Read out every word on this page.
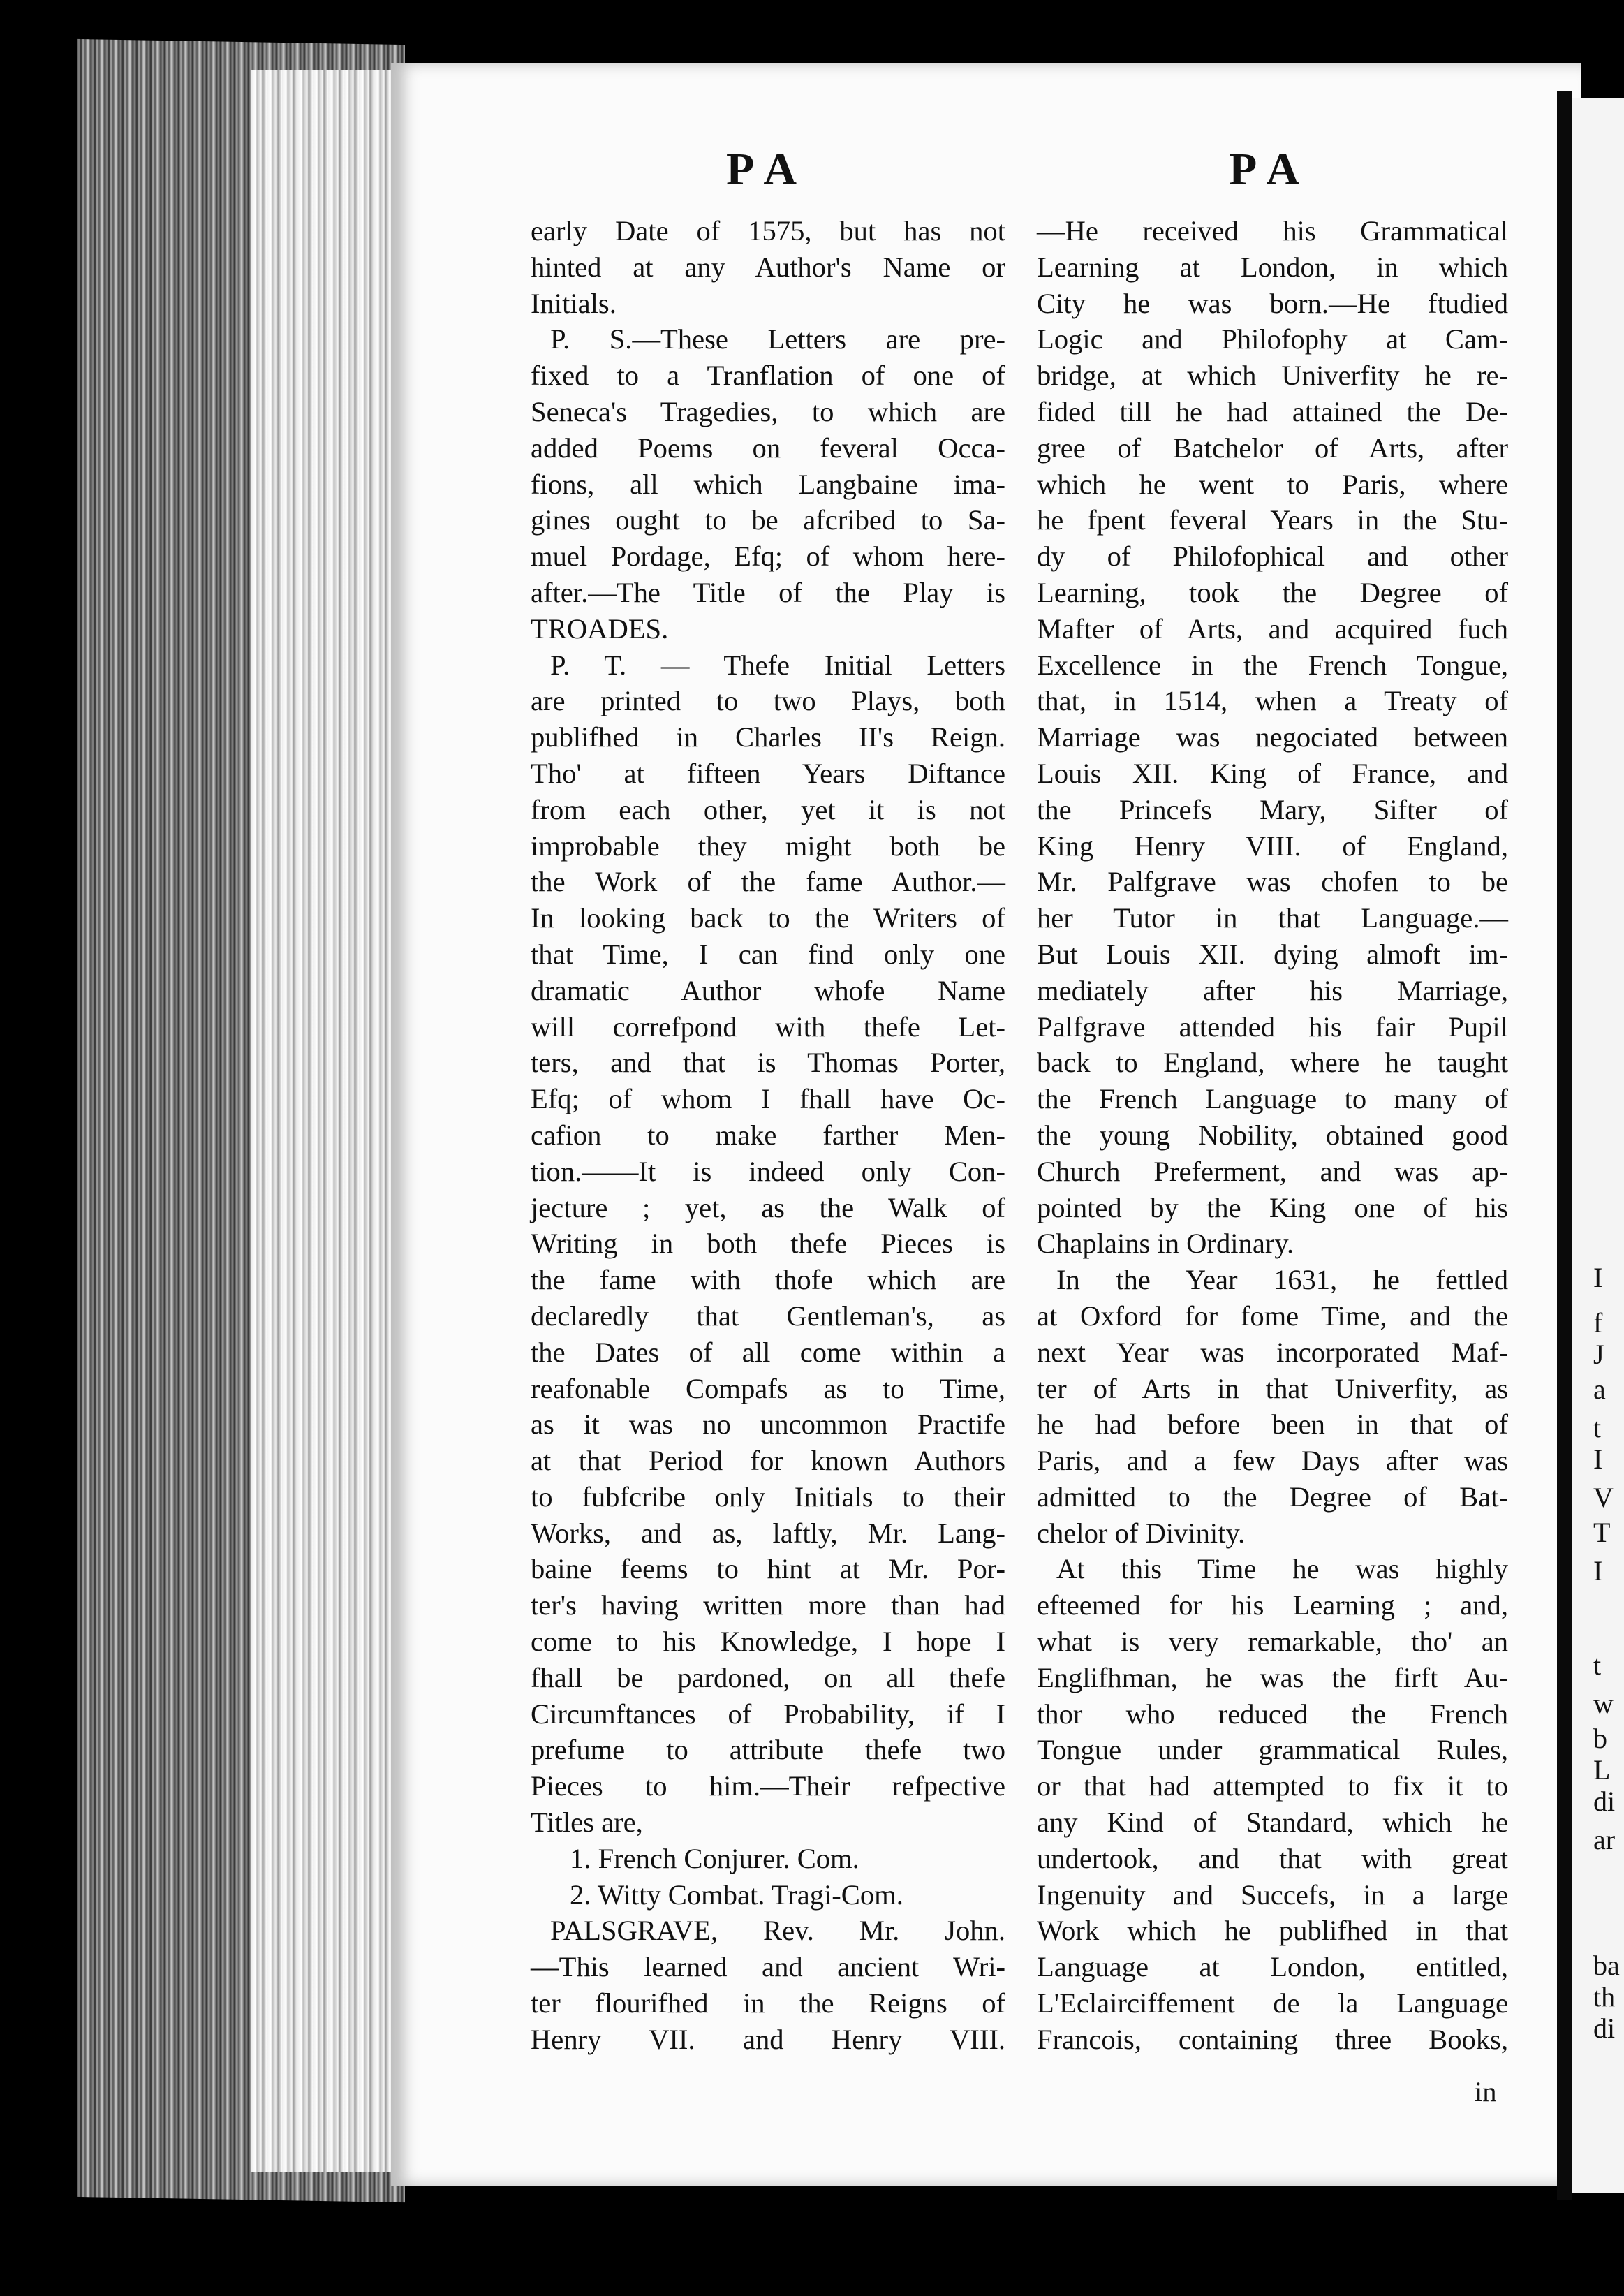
PA	PA
early Date of 1575, but has not
hinted at any Author's Name or
Initials.
P. S.—These Letters are pre-
fixed to a Tranflation of one of
Seneca's Tragedies, to which are
added Poems on feveral Occa-
fions, all which Langbaine ima-
gines ought to be afcribed to Sa-
muel Pordage, Efq; of whom here-
after.—The Title of the Play is
TROADES.
P. T. — Thefe Initial Letters
are printed to two Plays, both
publifhed in Charles II's Reign.
Tho' at fifteen Years Diftance
from each other, yet it is not
improbable they might both be
the Work of the fame Author.—
In looking back to the Writers of
that Time, I can find only one
dramatic Author whofe Name
will correfpond with thefe Let-
ters, and that is Thomas Porter,
Efq; of whom I fhall have Oc-
cafion to make farther Men-
tion.——It is indeed only Con-
jecture ; yet, as the Walk of
Writing in both thefe Pieces is
the fame with thofe which are
declaredly that Gentleman's, as
the Dates of all come within a
reafonable Compafs as to Time,
as it was no uncommon Practife
at that Period for known Authors
to fubfcribe only Initials to their
Works, and as, laftly, Mr. Lang-
baine feems to hint at Mr. Por-
ter's having written more than had
come to his Knowledge, I hope I
fhall be pardoned, on all thefe
Circumftances of Probability, if I
prefume to attribute thefe two
Pieces to him.—Their refpective
Titles are,
1. French Conjurer. Com.
2. Witty Combat. Tragi-Com.
PALSGRAVE, Rev. Mr. John.
—This learned and ancient Wri-
ter flourifhed in the Reigns of
Henry VII. and Henry VIII.
—He received his Grammatical
Learning at London, in which
City he was born.—He ftudied
Logic and Philofophy at Cam-
bridge, at which Univerfity he re-
fided till he had attained the De-
gree of Batchelor of Arts, after
which he went to Paris, where
he fpent feveral Years in the Stu-
dy of Philofophical and other
Learning, took the Degree of
Mafter of Arts, and acquired fuch
Excellence in the French Tongue,
that, in 1514, when a Treaty of
Marriage was negociated between
Louis XII. King of France, and
the Princefs Mary, Sifter of
King Henry VIII. of England,
Mr. Palfgrave was chofen to be
her Tutor in that Language.—
But Louis XII. dying almoft im-
mediately after his Marriage,
Palfgrave attended his fair Pupil
back to England, where he taught
the French Language to many of
the young Nobility, obtained good
Church Preferment, and was ap-
pointed by the King one of his
Chaplains in Ordinary.
In the Year 1631, he fettled
at Oxford for fome Time, and the
next Year was incorporated Maf-
ter of Arts in that Univerfity, as
he had before been in that of
Paris, and a few Days after was
admitted to the Degree of Bat-
chelor of Divinity.
At this Time he was highly
efteemed for his Learning ; and,
what is very remarkable, tho' an
Englifhman, he was the firft Au-
thor who reduced the French
Tongue under grammatical Rules,
or that had attempted to fix it to
any Kind of Standard, which he
undertook, and that with great
Ingenuity and Succefs, in a large
Work which he publifhed in that
Language at London, entitled,
L'Eclairciffement de la Language
Francois, containing three Books,
in
I
f
J
a
t
I
V
T
I
t
w
b
L
di
ar
ba
th
di
